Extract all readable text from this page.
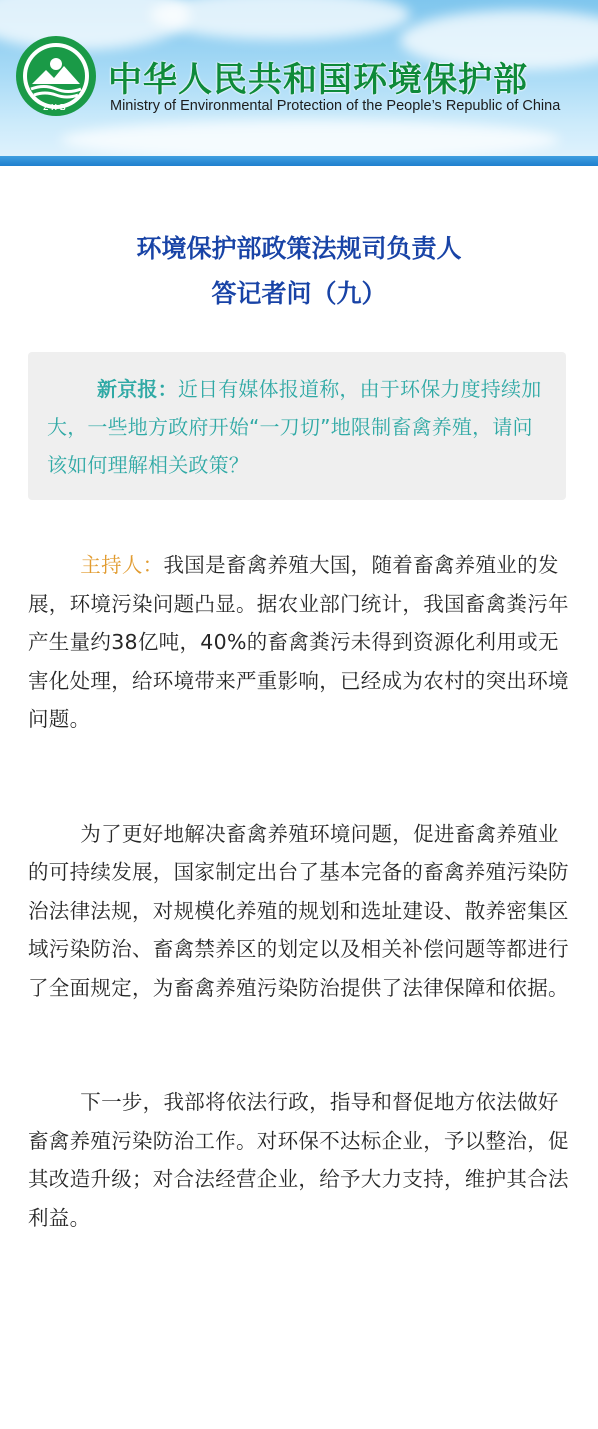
ZHB
中华人民共和国环境保护部

Ministry of Environmental Protection of the People’s Republic of China

环境保护部政策法规司负责人
答记者问（九）
新京报：近日有媒体报道称，由于环保力度持续加大，一些地方政府开始“一刀切”地限制畜禽养殖，请问该如何理解相关政策？

主持人：我国是畜禽养殖大国，随着畜禽养殖业的发展，环境污染问题凸显。据农业部门统计，我国畜禽粪污年产生量约38亿吨，40%的畜禽粪污未得到资源化利用或无害化处理，给环境带来严重影响，已经成为农村的突出环境问题。

为了更好地解决畜禽养殖环境问题，促进畜禽养殖业的可持续发展，国家制定出台了基本完备的畜禽养殖污染防治法律法规，对规模化养殖的规划和选址建设、散养密集区域污染防治、畜禽禁养区的划定以及相关补偿问题等都进行了全面规定，为畜禽养殖污染防治提供了法律保障和依据。

下一步，我部将依法行政，指导和督促地方依法做好畜禽养殖污染防治工作。对环保不达标企业，予以整治，促其改造升级；对合法经营企业，给予大力支持，维护其合法利益。
